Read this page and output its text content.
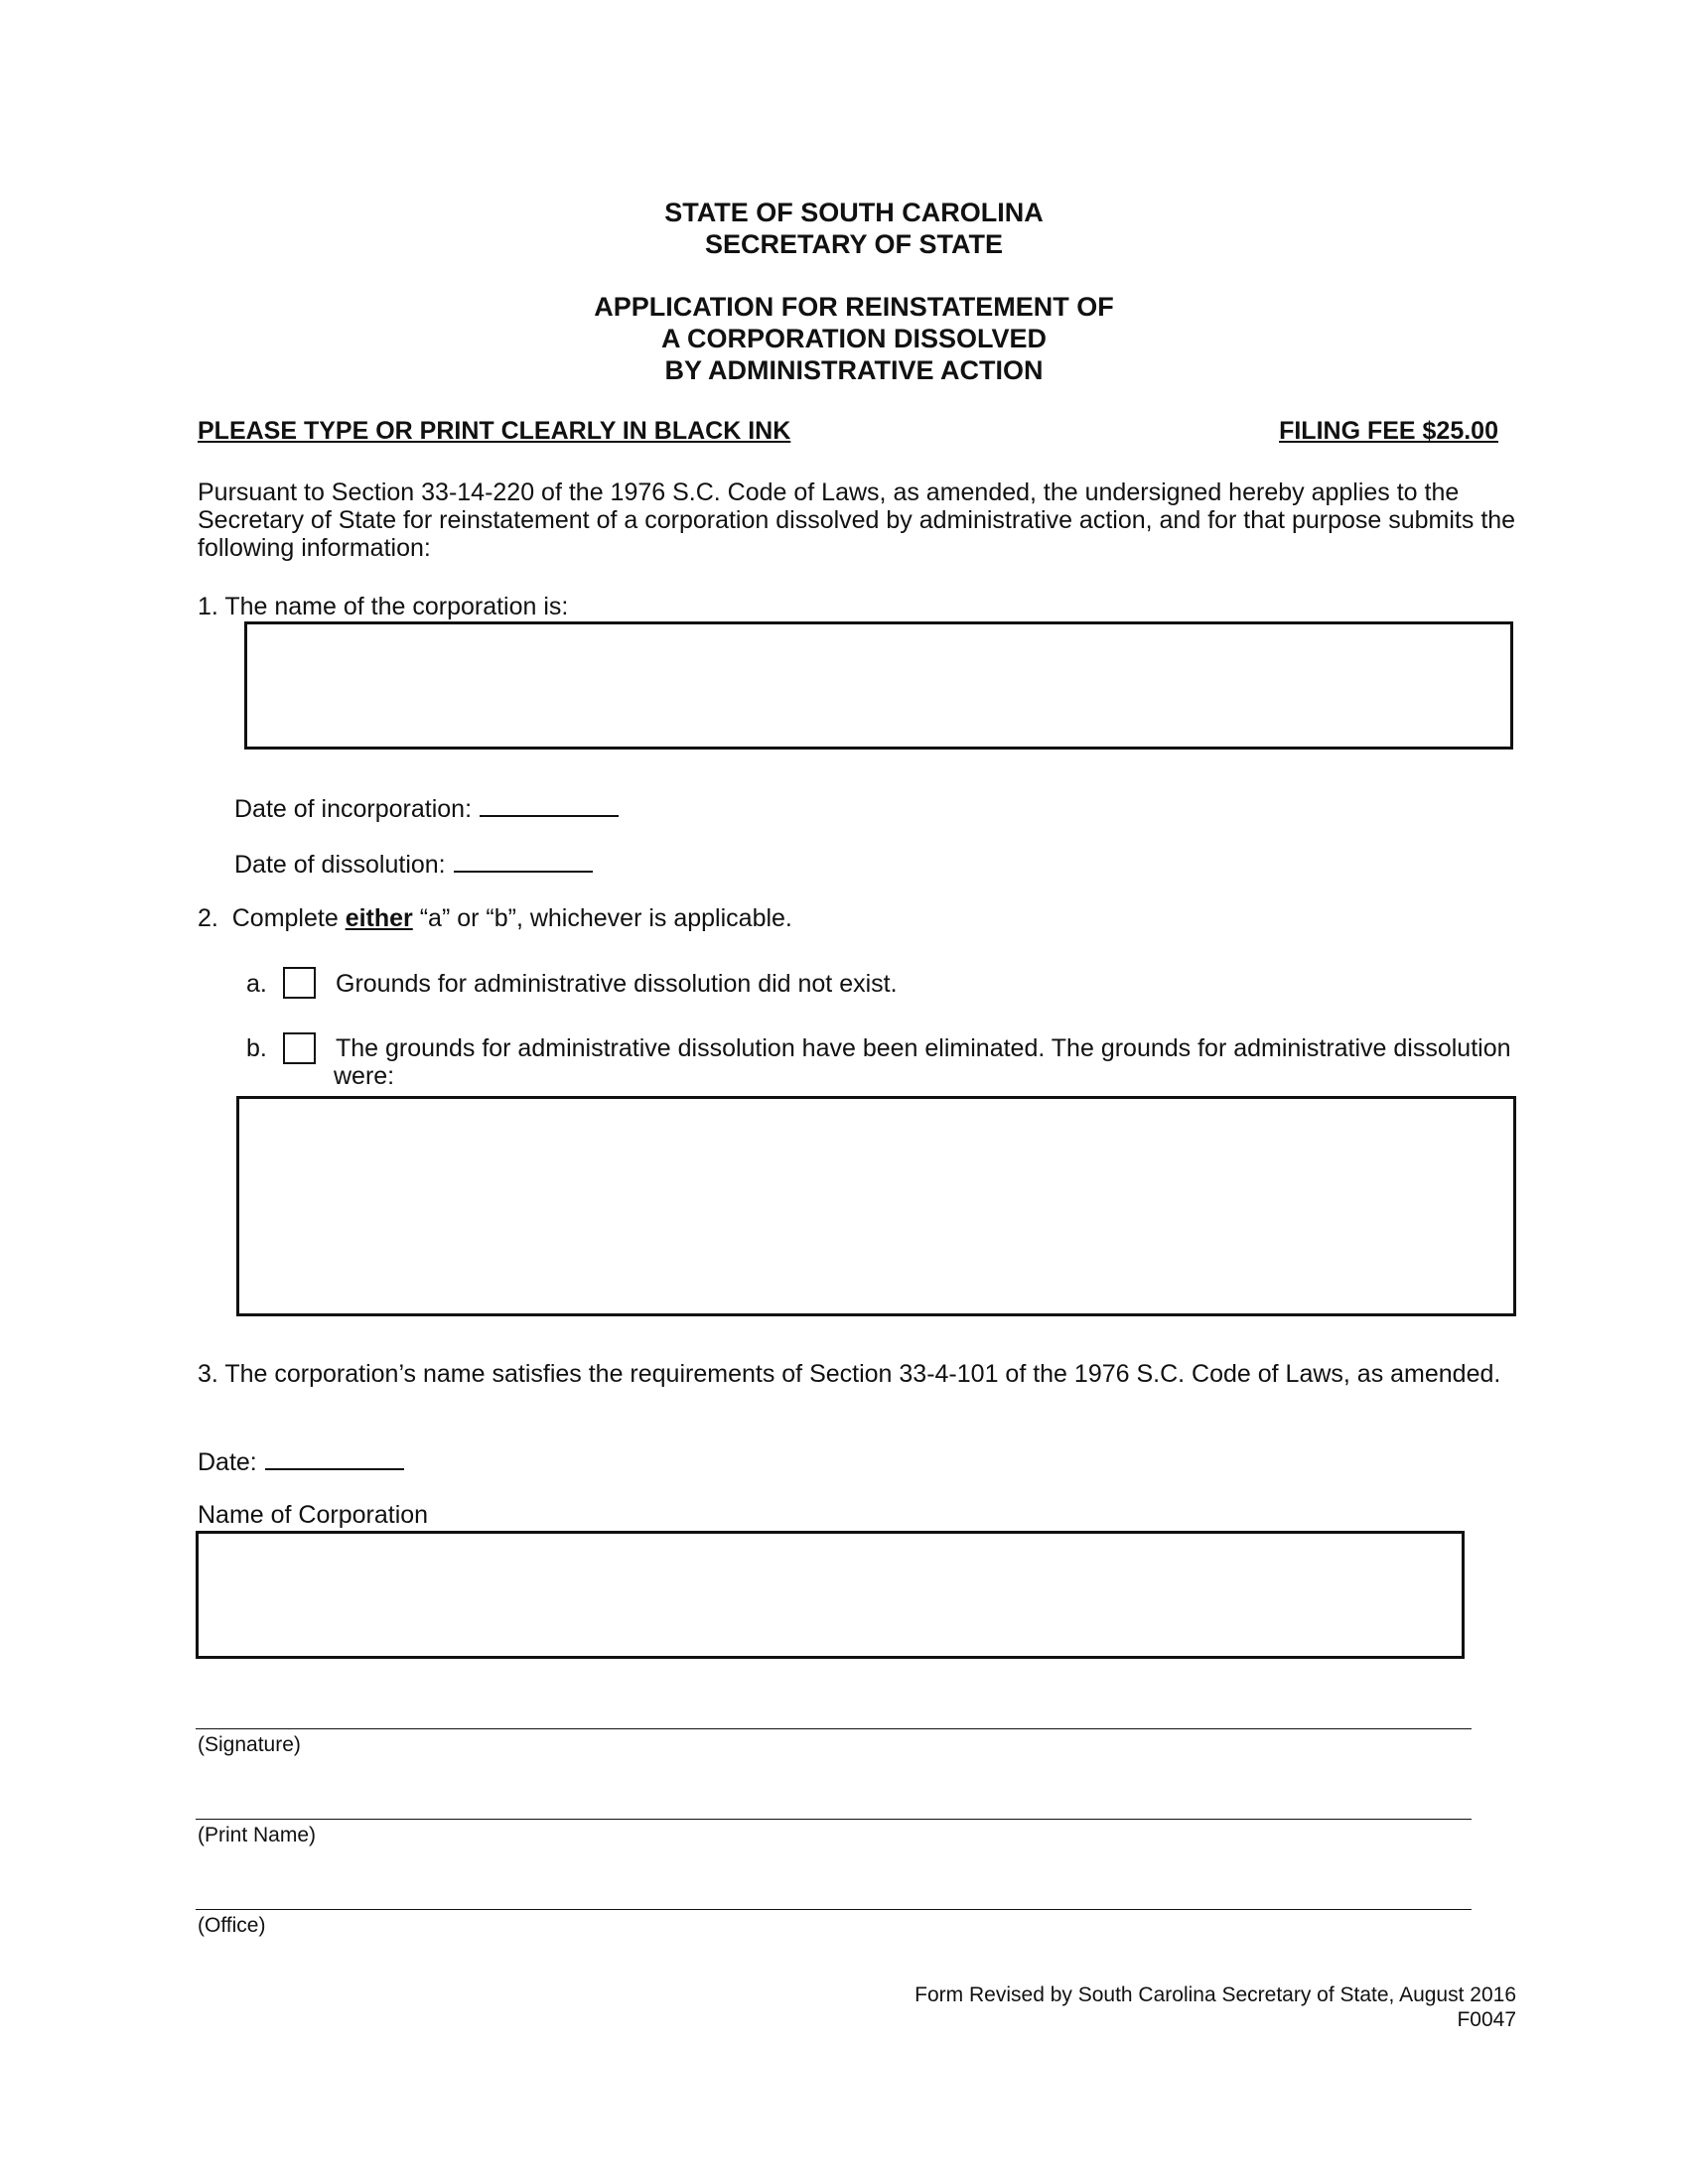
STATE OF SOUTH CAROLINA
SECRETARY OF STATE
APPLICATION FOR REINSTATEMENT OF
A CORPORATION DISSOLVED
BY ADMINISTRATIVE ACTION
PLEASE TYPE OR PRINT CLEARLY IN BLACK INK	FILING FEE $25.00
Pursuant to Section 33-14-220 of the 1976 S.C. Code of Laws, as amended, the undersigned hereby applies to the
Secretary of State for reinstatement of a corporation dissolved by administrative action, and for that purpose submits the
following information:
1. The name of the corporation is:
Date of incorporation:
Date of dissolution:
2.  Complete either “a” or “b”, whichever is applicable.
a.	Grounds for administrative dissolution did not exist.
b.	The grounds for administrative dissolution have been eliminated. The grounds for administrative dissolution
were:
3. The corporation’s name satisfies the requirements of Section 33-4-101 of the 1976 S.C. Code of Laws, as amended.
Date:
Name of Corporation
(Signature)
(Print Name)
(Office)
Form Revised by South Carolina Secretary of State, August 2016
F0047
